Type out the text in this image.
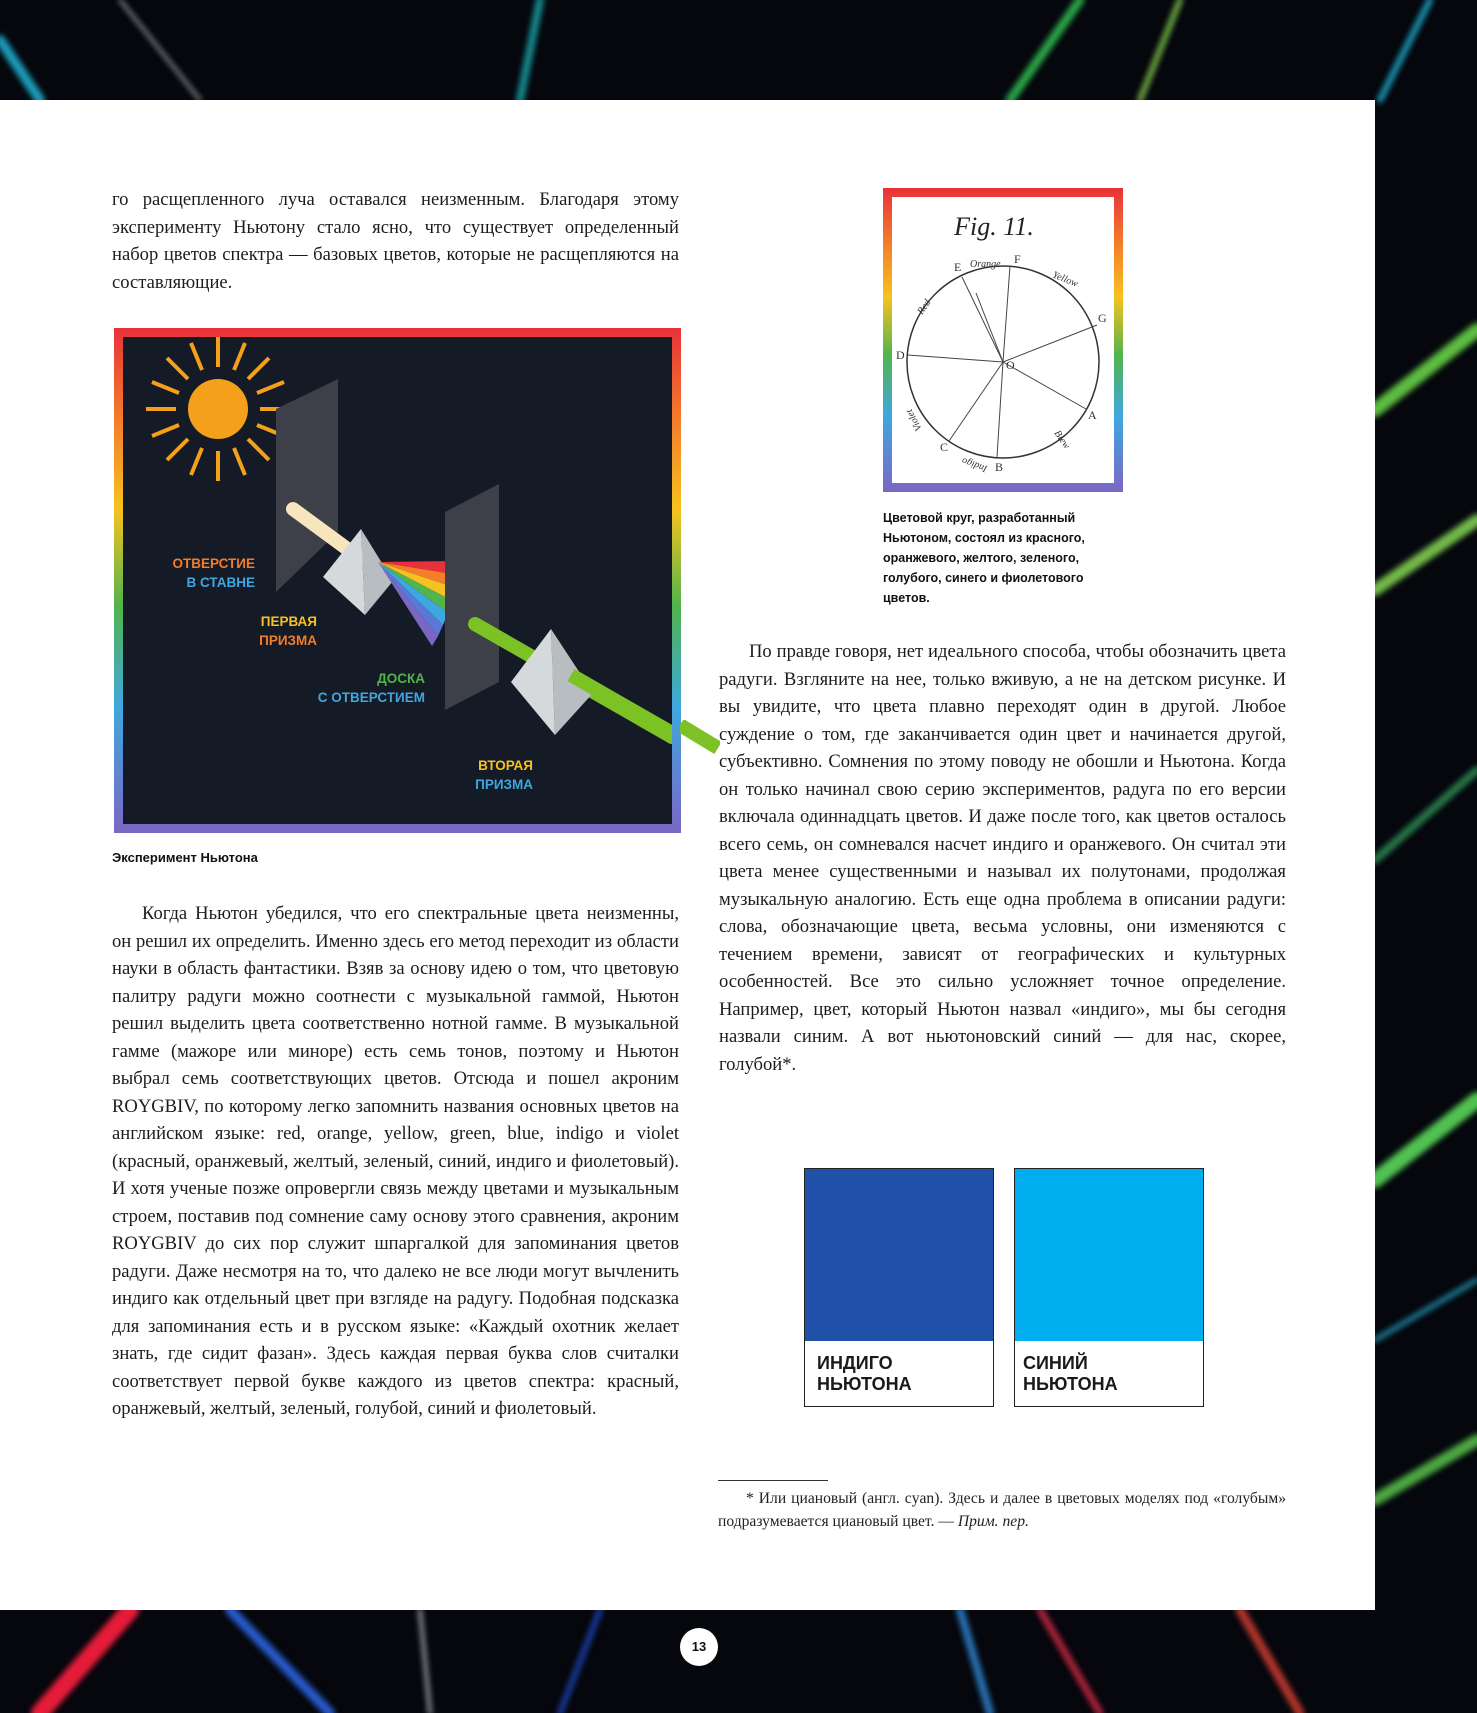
го расщепленного луча оставался неизменным. Благодаря этому эксперименту Ньютону стало ясно, что существует определенный набор цветов спектра — базовых цветов, которые не расщепляются на составляющие.

ОТВЕРСТИЕ
В СТАВНЕ
ПЕРВАЯ
ПРИЗМА
ДОСКА
С ОТВЕРСТИЕМ
ВТОРАЯ
ПРИЗМА
Эксперимент Ньютона
Fig. 11.
F
G
A
B
C
D
E
O
Orange
Yellow
Red
Violet
Indigo
Blew
Цветовой круг, разработанный Ньютоном, состоял из красного, оранжевого, желтого, зеленого, голубого, синего и фиолетового цветов.

Когда Ньютон убедился, что его спектральные цвета неизменны, он решил их определить. Именно здесь его метод переходит из области науки в область фантастики. Взяв за основу идею о том, что цветовую палитру радуги можно соотнести с музыкальной гаммой, Ньютон решил выделить цвета соответственно нотной гамме. В музыкальной гамме (мажоре или миноре) есть семь тонов, поэтому и Ньютон выбрал семь соответствующих цветов. Отсюда и пошел акроним ROYGBIV, по которому легко запомнить названия основных цветов на английском языке: red, orange, yellow, green, blue, indigo и violet (красный, оранжевый, желтый, зеленый, синий, индиго и фиолетовый). И хотя ученые позже опровергли связь между цветами и музыкальным строем, поставив под сомнение саму основу этого сравнения, акроним ROYGBIV до сих пор служит шпаргалкой для запоминания цветов радуги. Даже несмотря на то, что далеко не все люди могут вычленить индиго как отдельный цвет при взгляде на радугу. Подобная подсказка для запоминания есть и в русском языке: «Каждый охотник желает знать, где сидит фазан». Здесь каждая первая буква слов считалки соответствует первой букве каждого из цветов спектра: красный, оранжевый, желтый, зеленый, голубой, синий и фиолетовый.

По правде говоря, нет идеального способа, чтобы обозначить цвета радуги. Взгляните на нее, только вживую, а не на детском рисунке. И вы увидите, что цвета плавно переходят один в другой. Любое суждение о том, где заканчивается один цвет и начинается другой, субъективно. Сомнения по этому поводу не обошли и Ньютона. Когда он только начинал свою серию экспериментов, радуга по его версии включала одиннадцать цветов. И даже после того, как цветов осталось всего семь, он сомневался насчет индиго и оранжевого. Он считал эти цвета менее существенными и называл их полутонами, продолжая музыкальную аналогию. Есть еще одна проблема в описании радуги: слова, обозначающие цвета, весьма условны, они изменяются с течением времени, зависят от географических и культурных особенностей. Все это сильно усложняет точное определение. Например, цвет, который Ньютон назвал «индиго», мы бы сегодня назвали синим. А вот ньютоновский синий — для нас, скорее, голубой*.

ИНДИГО
НЬЮТОНА
СИНИЙ
НЬЮТОНА

* Или циановый (англ. cyan). Здесь и далее в цветовых моделях под «голубым» подразумевается циановый цвет. — Прим. пер.

13
